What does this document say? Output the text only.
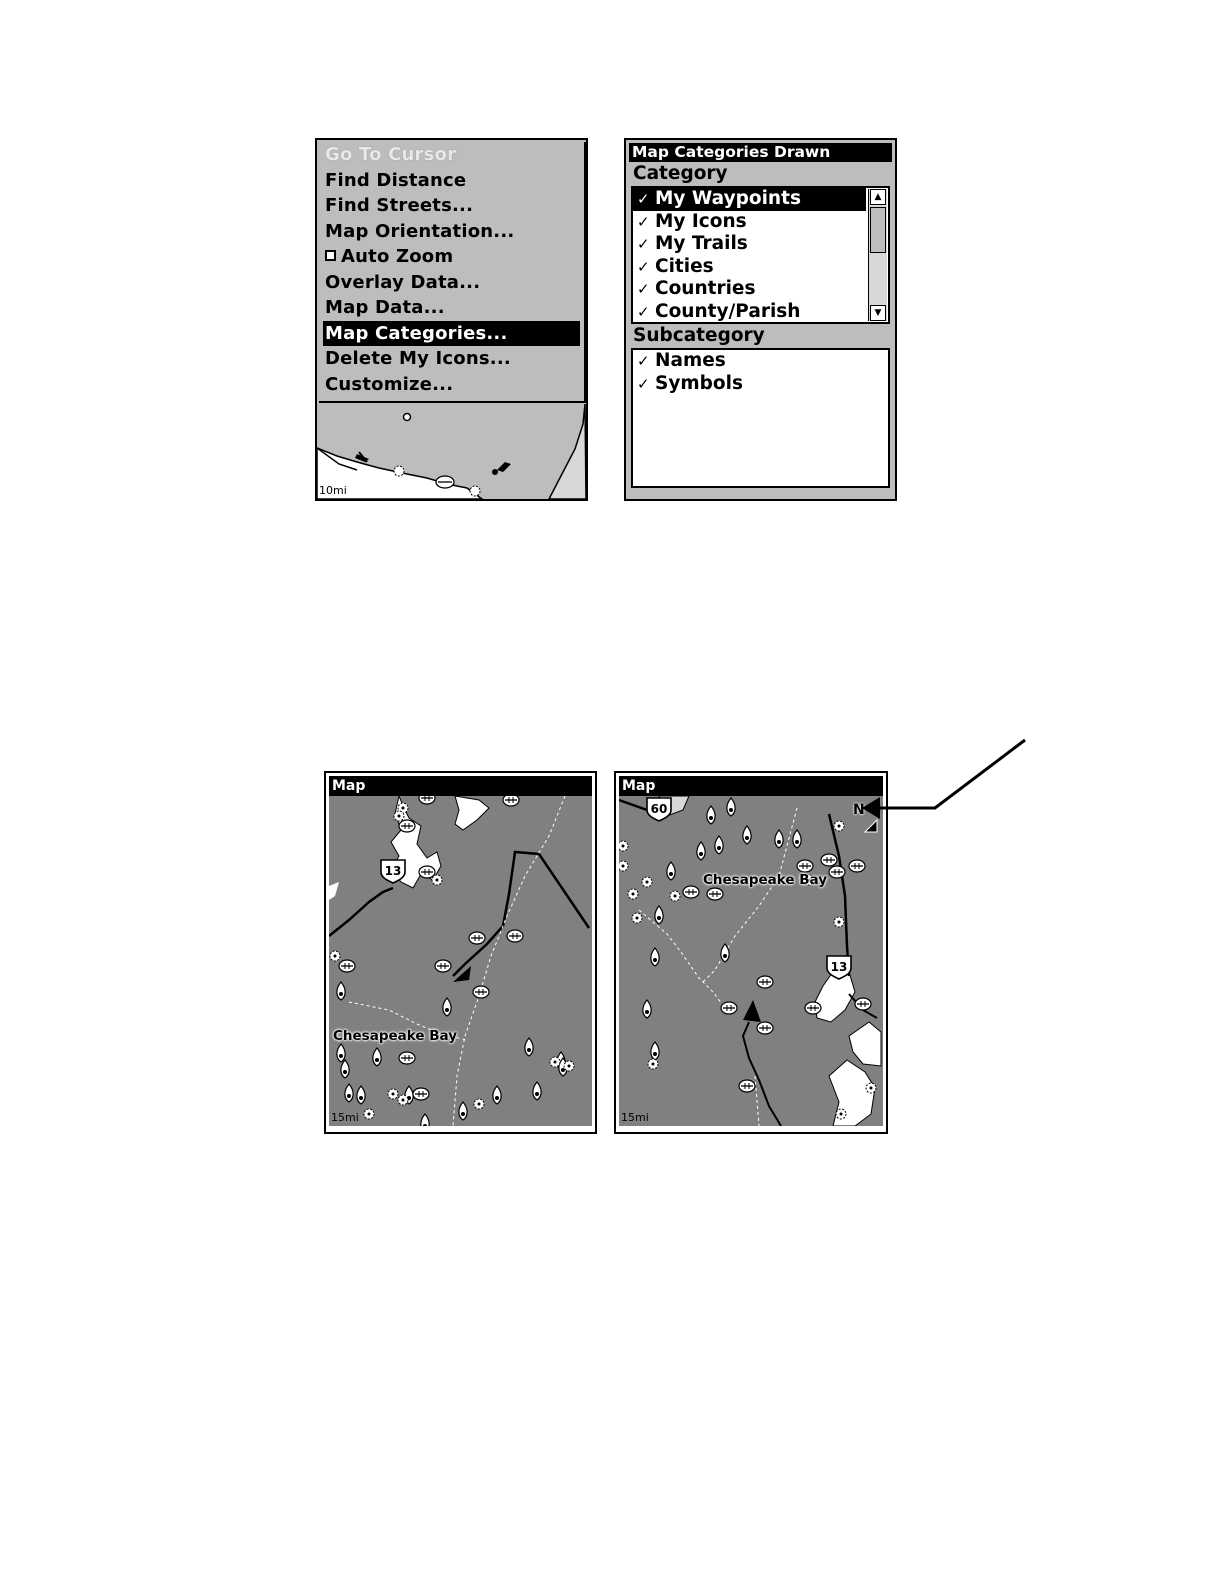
Go To Cursor
Find Distance
Find Streets...
Map Orientation...
Auto Zoom
Overlay Data...
Map Data...
Map Categories...
Delete My Icons...
Customize...
10mi
Map Categories Drawn
Category
✓ My Waypoints
✓ My Icons
✓ My Trails
✓ Cities
✓ Countries
✓ County/Parish
▲
▼
Subcategory
✓ Names
✓ Symbols
Map
13
Chesapeake Bay
15mi
Map
60
13
Chesapeake Bay
N
15mi
